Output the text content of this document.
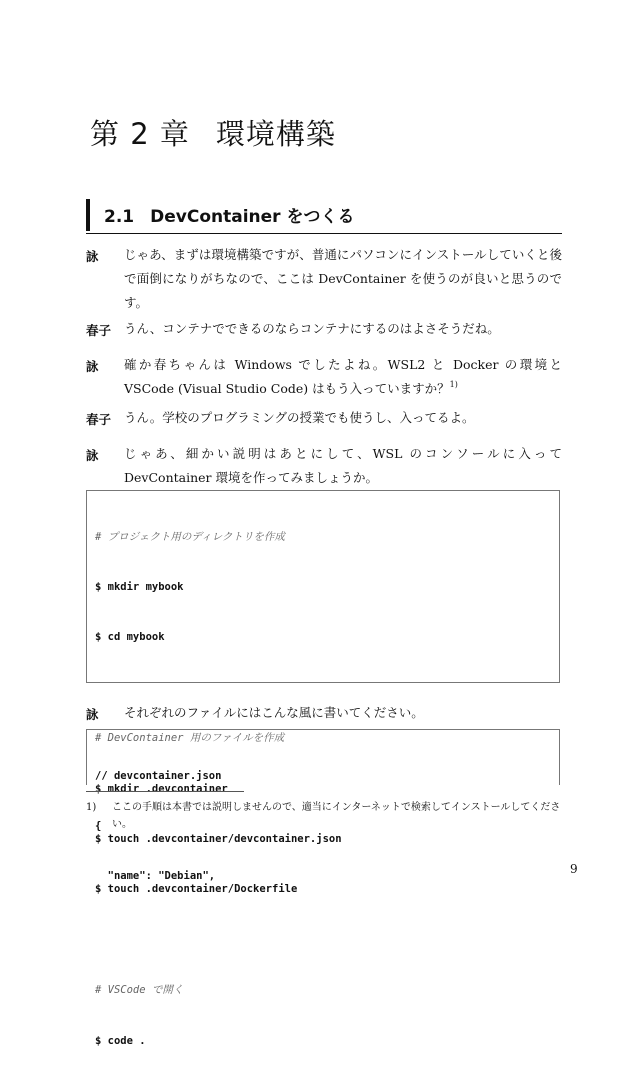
第 2 章 環境構築
2.1 DevContainer をつくる
詠 じゃあ、まずは環境構築ですが、普通にパソコンにインストールしていくと後で面倒になりがちなので、ここは DevContainer を使うのが良いと思うのです。
春子 うん、コンテナでできるのならコンテナにするのはよさそうだね。
詠 確か春ちゃんは Windows でしたよね。WSL2 と Docker の環境と VSCode (Visual Studio Code) はもう入っていますか？$^{1)}$
春子 うん。学校のプログラミングの授業でも使うし、入ってるよ。
詠 じゃあ、細かい説明はあとにして、WSL のコンソールに入って DevContainer 環境を作ってみましょうか。

# プロジェクト用のディレクトリを作成

$ mkdir mybook

$ cd mybook

# DevContainer 用のファイルを作成

$ mkdir .devcontainer

$ touch .devcontainer/devcontainer.json

$ touch .devcontainer/Dockerfile

# VSCode で開く

$ code .

詠 それぞれのファイルにはこんな風に書いてください。

// devcontainer.json

{

"name": "Debian",

1) ここの手順は本書では説明しませんので、適当にインターネットで検索してインストールしてください。
9
